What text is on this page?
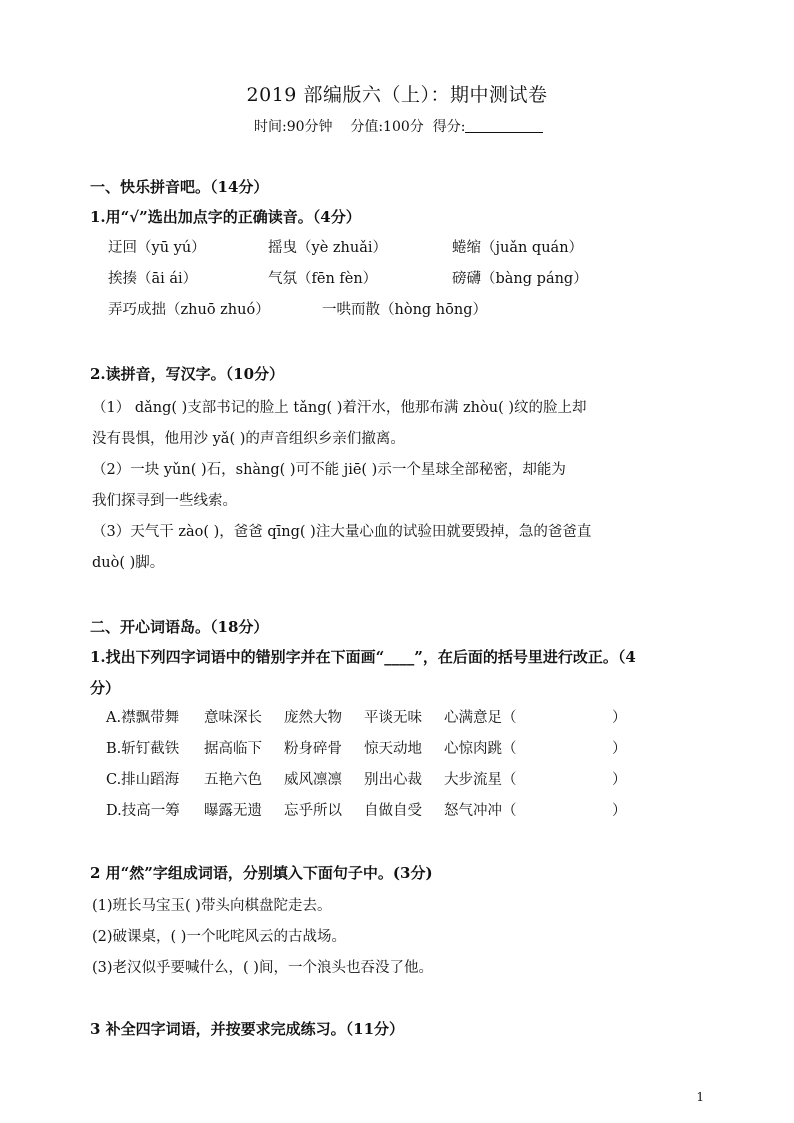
2019 部编版六（上）：期中测试卷
时间:90分钟 分值:100分 得分:
一、快乐拼音吧。（14分）
1.用“√”选出加点字的正确读音。（4分）
迂回（yū yú）	摇曳（yè zhuǎi）	蜷缩（juǎn quán）
挨揍（āi ái）	气氛（fēn fèn）	磅礴（bàng páng）
弄巧成拙（zhuō zhuó）	一哄而散（hòng hōng）
2.读拼音，写汉字。（10分）
（1） dǎng( )支部书记的脸上 tǎng( )着汗水，他那布满 zhòu( )纹的脸上却
没有畏惧，他用沙 yǎ( )的声音组织乡亲们撤离。
（2）一块 yǔn( )石，shàng( )可不能 jiē( )示一个星球全部秘密，却能为
我们探寻到一些线索。
（3）天气干 zào( )，爸爸 qīng( )注大量心血的试验田就要毁掉，急的爸爸直
duò( )脚。
二、开心词语岛。（18分）
1.找出下列四字词语中的错别字并在下面画“____”，在后面的括号里进行改正。（4
分）
A.襟飘带舞 意味深长 庞然大物 平谈无味 心满意足（	）
B.斩钉截铁 据高临下 粉身碎骨 惊天动地 心惊肉跳（	）
C.排山蹈海 五艳六色 威风凛凛 别出心裁 大步流星（	）
D.技高一筹 曝露无遗 忘乎所以 自做自受 怒气冲冲（	）
2 用“然”字组成词语，分别填入下面句子中。(3分)
(1)班长马宝玉( )带头向棋盘陀走去。
(2)破课桌，( )一个叱咤风云的古战场。
(3)老汉似乎要喊什么，( )间，一个浪头也吞没了他。
3 补全四字词语，并按要求完成练习。（11分）
1
